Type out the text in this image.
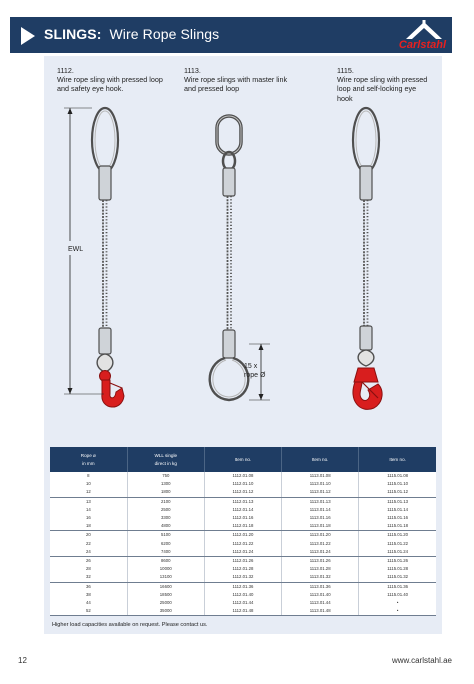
SLINGS: Wire Rope Slings
Carlstahl
1112.
Wire rope sling with pressed loop and safety eye hook.
1113.
Wire rope slings with master link and pressed loop
1115.
Wire rope sling with pressed loop and self-locking eye hook
EWL
15 x
rope Ø
Rope ø
in mm	WLL single
direct in kg	Item no.	Item no.	Item no.
8	750	1112.01.08	1113.01.08	1115.01.08
10	1300	1112.01.10	1113.01.10	1115.01.10
12	1800	1112.01.12	1113.01.12	1115.01.12
13	2100	1112.01.13	1113.01.13	1115.01.13
14	2500	1112.01.14	1113.01.14	1115.01.14
16	3300	1112.01.16	1113.01.16	1115.01.16
18	4800	1112.01.18	1113.01.18	1115.01.18
20	5100	1112.01.20	1113.01.20	1115.01.20
22	6200	1112.01.22	1113.01.22	1115.01.22
24	7400	1112.01.24	1113.01.24	1115.01.24
26	8600	1112.01.26	1113.01.26	1115.01.26
28	10000	1112.01.28	1113.01.28	1115.01.28
32	13100	1112.01.32	1113.01.32	1115.01.32
36	16600	1112.01.36	1113.01.36	1115.01.36
38	18500	1112.01.40	1113.01.40	1115.01.40
44	25000	1112.01.44	1113.01.44	•
52	35000	1112.01.48	1113.01.48	•
Higher load capacities available on request. Please contact us.
12	www.carlstahl.ae
